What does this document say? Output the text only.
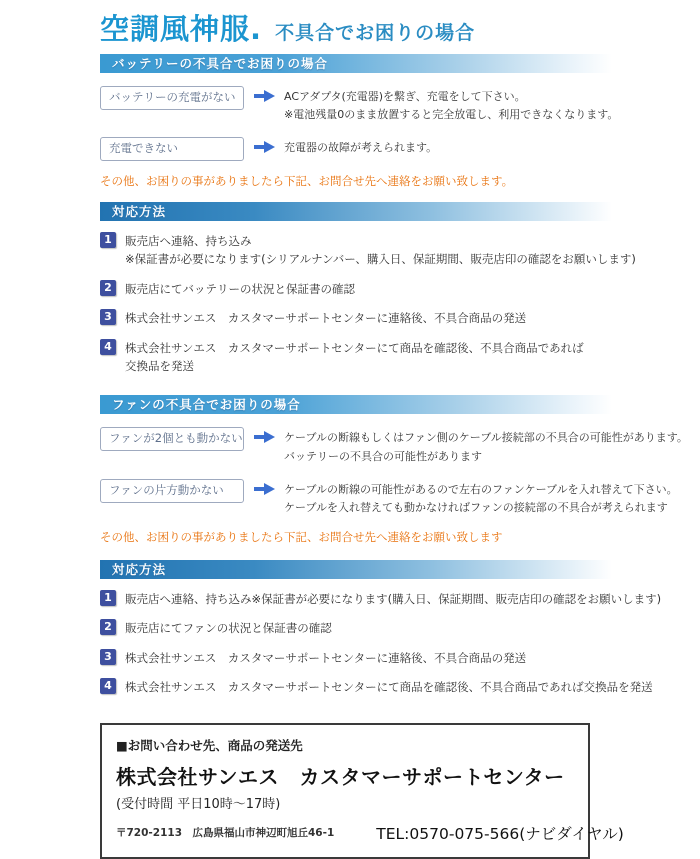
空調風神服. 不具合でお困りの場合
バッテリーの不具合でお困りの場合
バッテリーの充電がない	ACアダプタ(充電器)を繋ぎ、充電をして下さい。
※電池残量0のまま放置すると完全放電し、利用できなくなります。
充電できない	充電器の故障が考えられます。
その他、お困りの事がありましたら下記、お問合せ先へ連絡をお願い致します。
対応方法
1	販売店へ連絡、持ち込み
※保証書が必要になります(シリアルナンバー、購入日、保証期間、販売店印の確認をお願いします)
2	販売店にてバッテリーの状況と保証書の確認
3	株式会社サンエス　カスタマーサポートセンターに連絡後、不具合商品の発送
4	株式会社サンエス　カスタマーサポートセンターにて商品を確認後、不具合商品であれば
交換品を発送
ファンの不具合でお困りの場合
ファンが2個とも動かない	ケーブルの断線もしくはファン側のケーブル接続部の不具合の可能性があります。
バッテリーの不具合の可能性があります
ファンの片方動かない	ケーブルの断線の可能性があるので左右のファンケーブルを入れ替えて下さい。
ケーブルを入れ替えても動かなければファンの接続部の不具合が考えられます
その他、お困りの事がありましたら下記、お問合せ先へ連絡をお願い致します
対応方法
1	販売店へ連絡、持ち込み※保証書が必要になります(購入日、保証期間、販売店印の確認をお願いします)
2	販売店にてファンの状況と保証書の確認
3	株式会社サンエス　カスタマーサポートセンターに連絡後、不具合商品の発送
4	株式会社サンエス　カスタマーサポートセンターにて商品を確認後、不具合商品であれば交換品を発送
■お問い合わせ先、商品の発送先
株式会社サンエス　カスタマーサポートセンター
(受付時間 平日10時〜17時)
〒720-2113　広島県福山市神辺町旭丘46-1	TEL:0570-075-566(ナビダイヤル)
